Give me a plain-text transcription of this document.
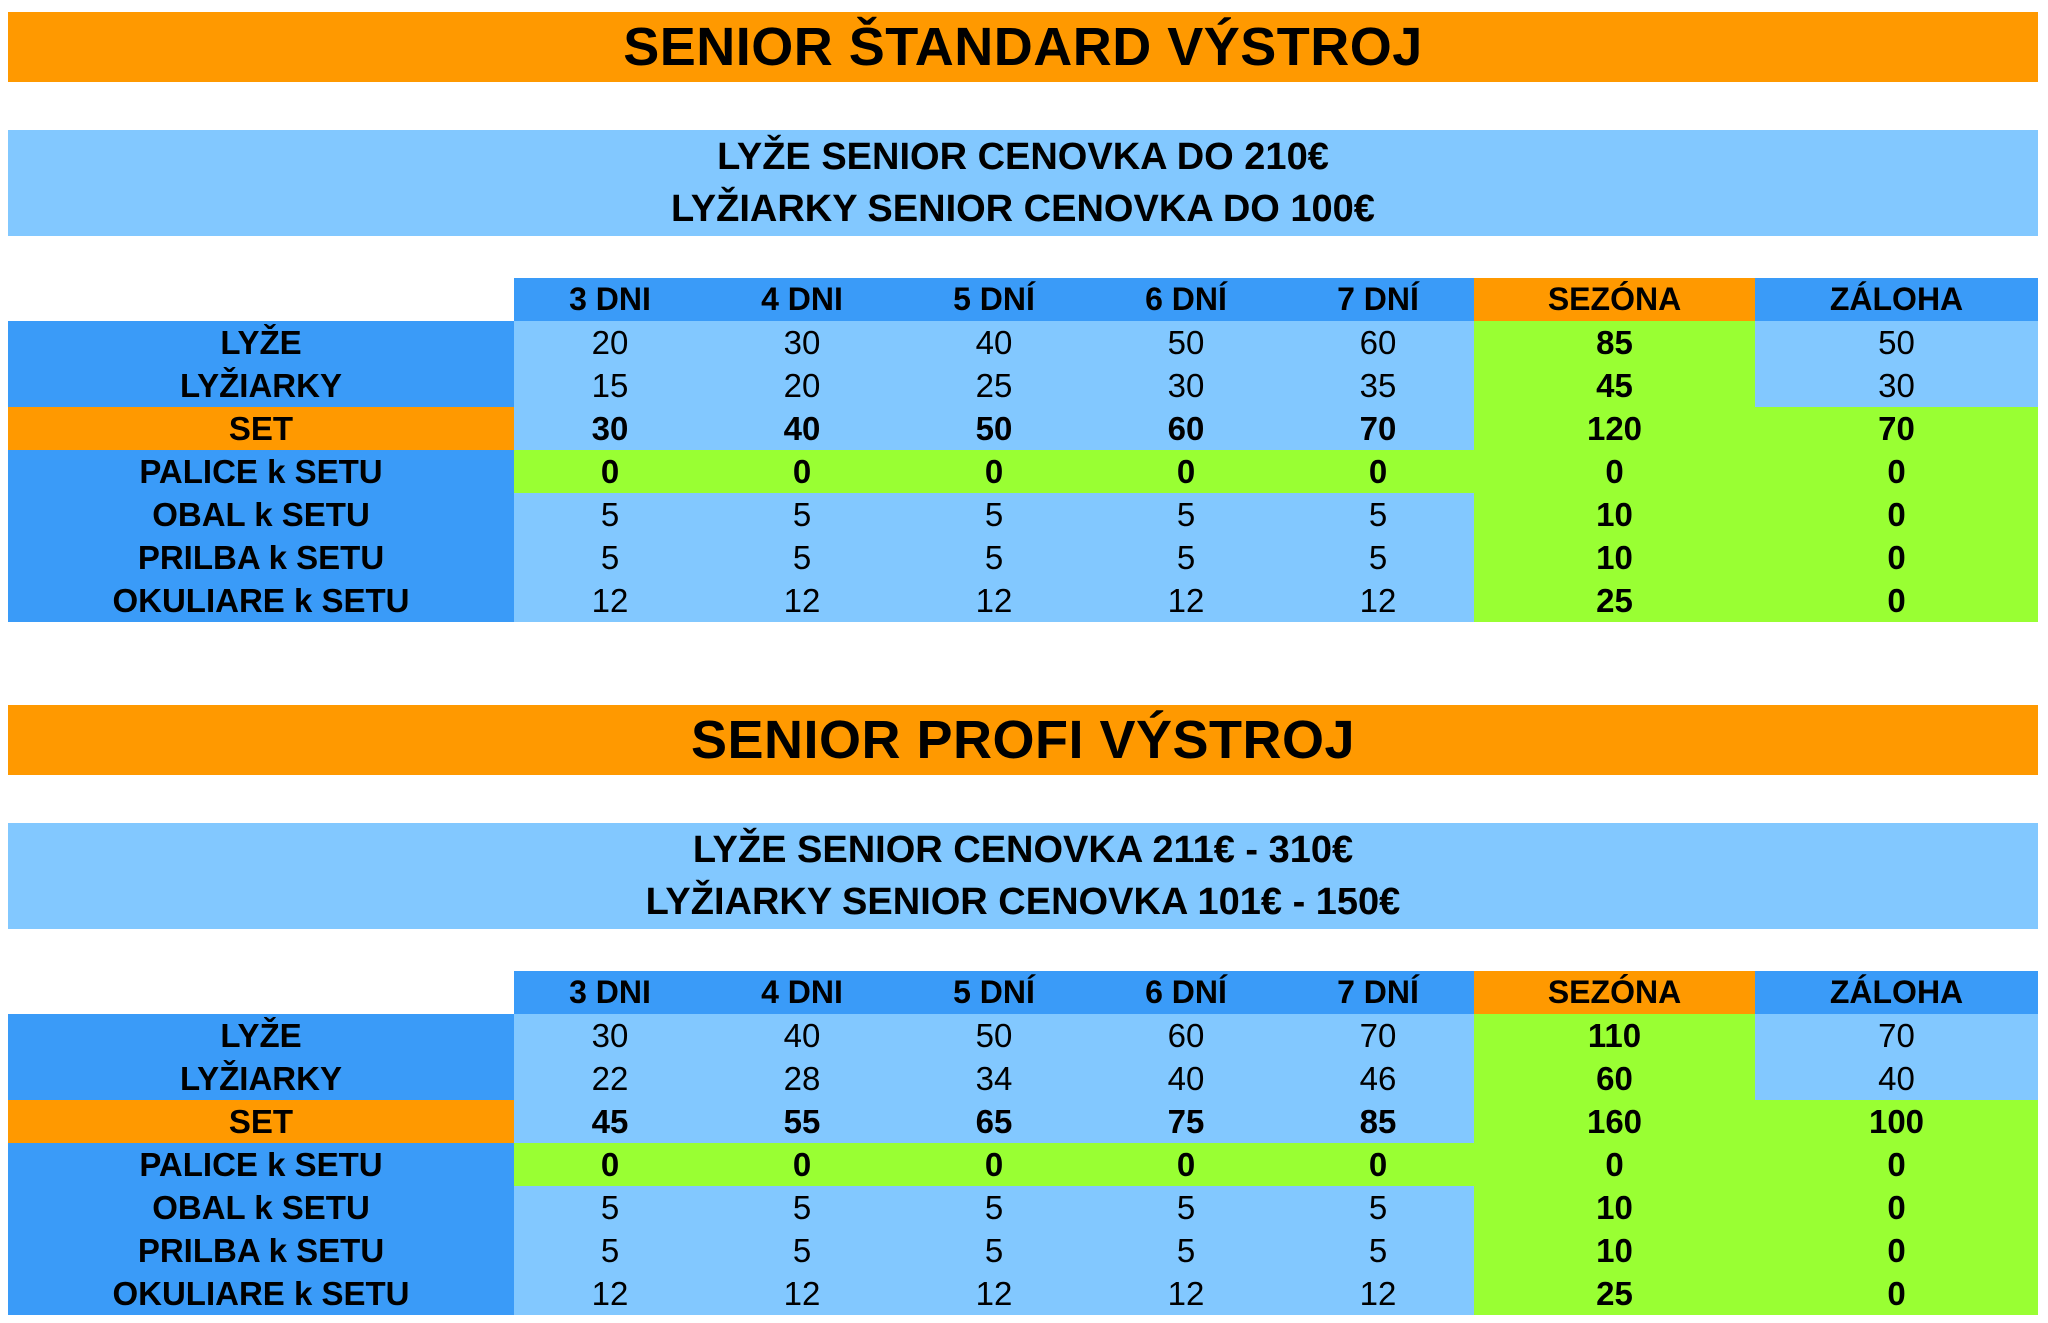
SENIOR ŠTANDARD VÝSTROJ
LYŽE SENIOR CENOVKA DO 210€
LYŽIARKY SENIOR CENOVKA DO 100€
	3 DNI	4 DNI	5 DNÍ	6 DNÍ	7 DNÍ	SEZÓNA	ZÁLOHA
LYŽE	20	30	40	50	60	85	50
LYŽIARKY	15	20	25	30	35	45	30
SET	30	40	50	60	70	120	70
PALICE k SETU	0	0	0	0	0	0	0
OBAL k SETU	5	5	5	5	5	10	0
PRILBA k SETU	5	5	5	5	5	10	0
OKULIARE k SETU	12	12	12	12	12	25	0
SENIOR PROFI VÝSTROJ
LYŽE SENIOR CENOVKA 211€ - 310€
LYŽIARKY SENIOR CENOVKA 101€ - 150€
	3 DNI	4 DNI	5 DNÍ	6 DNÍ	7 DNÍ	SEZÓNA	ZÁLOHA
LYŽE	30	40	50	60	70	110	70
LYŽIARKY	22	28	34	40	46	60	40
SET	45	55	65	75	85	160	100
PALICE k SETU	0	0	0	0	0	0	0
OBAL k SETU	5	5	5	5	5	10	0
PRILBA k SETU	5	5	5	5	5	10	0
OKULIARE k SETU	12	12	12	12	12	25	0
